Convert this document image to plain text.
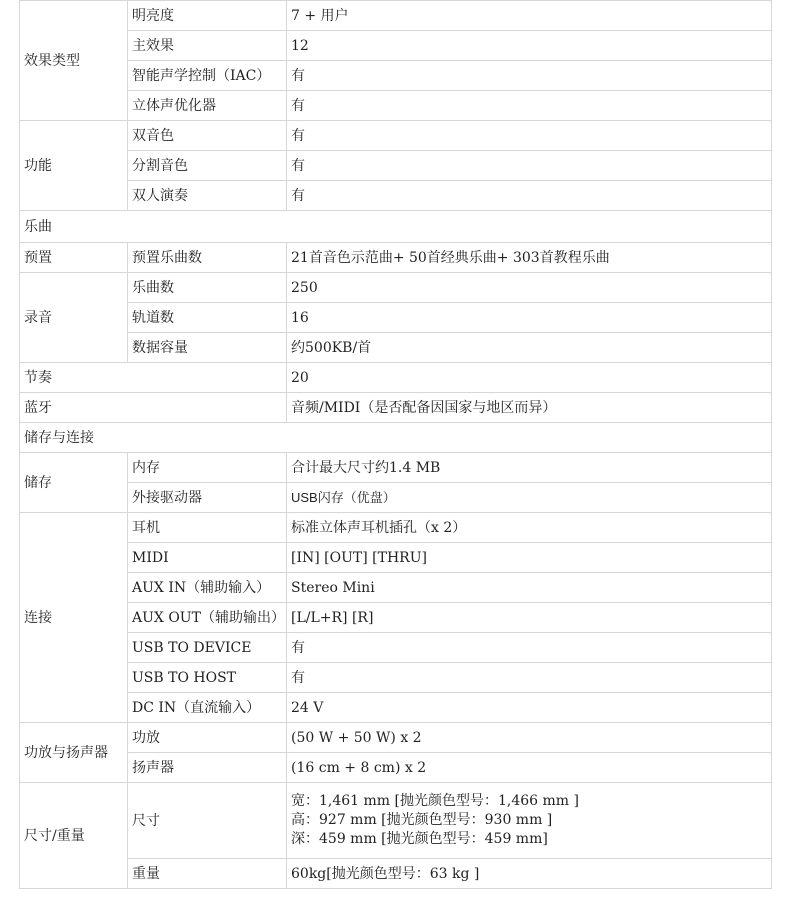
效果类型	明亮度	7 + 用户
	主效果	12
	智能声学控制（IAC）	有
	立体声优化器	有
功能	双音色	有
	分割音色	有
	双人演奏	有
乐曲		
预置	预置乐曲数	21首音色示范曲+ 50首经典乐曲+ 303首教程乐曲
录音	乐曲数	250
	轨道数	16
	数据容量	约500KB/首
节奏		20
蓝牙		音频/MIDI（是否配备因国家与地区而异）
储存与连接		
储存	内存	合计最大尺寸约1.4 MB
	外接驱动器	USB闪存（优盘）
连接	耳机	标准立体声耳机插孔（x 2）
	MIDI	[IN] [OUT] [THRU]
	AUX IN（辅助输入）	Stereo Mini
	AUX OUT（辅助输出）	[L/L+R] [R]
	USB TO DEVICE	有
	USB TO HOST	有
	DC IN（直流输入）	24 V
功放与扬声器	功放	(50 W + 50 W) x 2
	扬声器	(16 cm + 8 cm) x 2
尺寸/重量	尺寸	宽：1,461 mm [抛光颜色型号：1,466 mm ]
高：927 mm [抛光颜色型号：930 mm ]
深：459 mm [抛光颜色型号：459 mm]

	重量	60kg[抛光颜色型号：63 kg ]
